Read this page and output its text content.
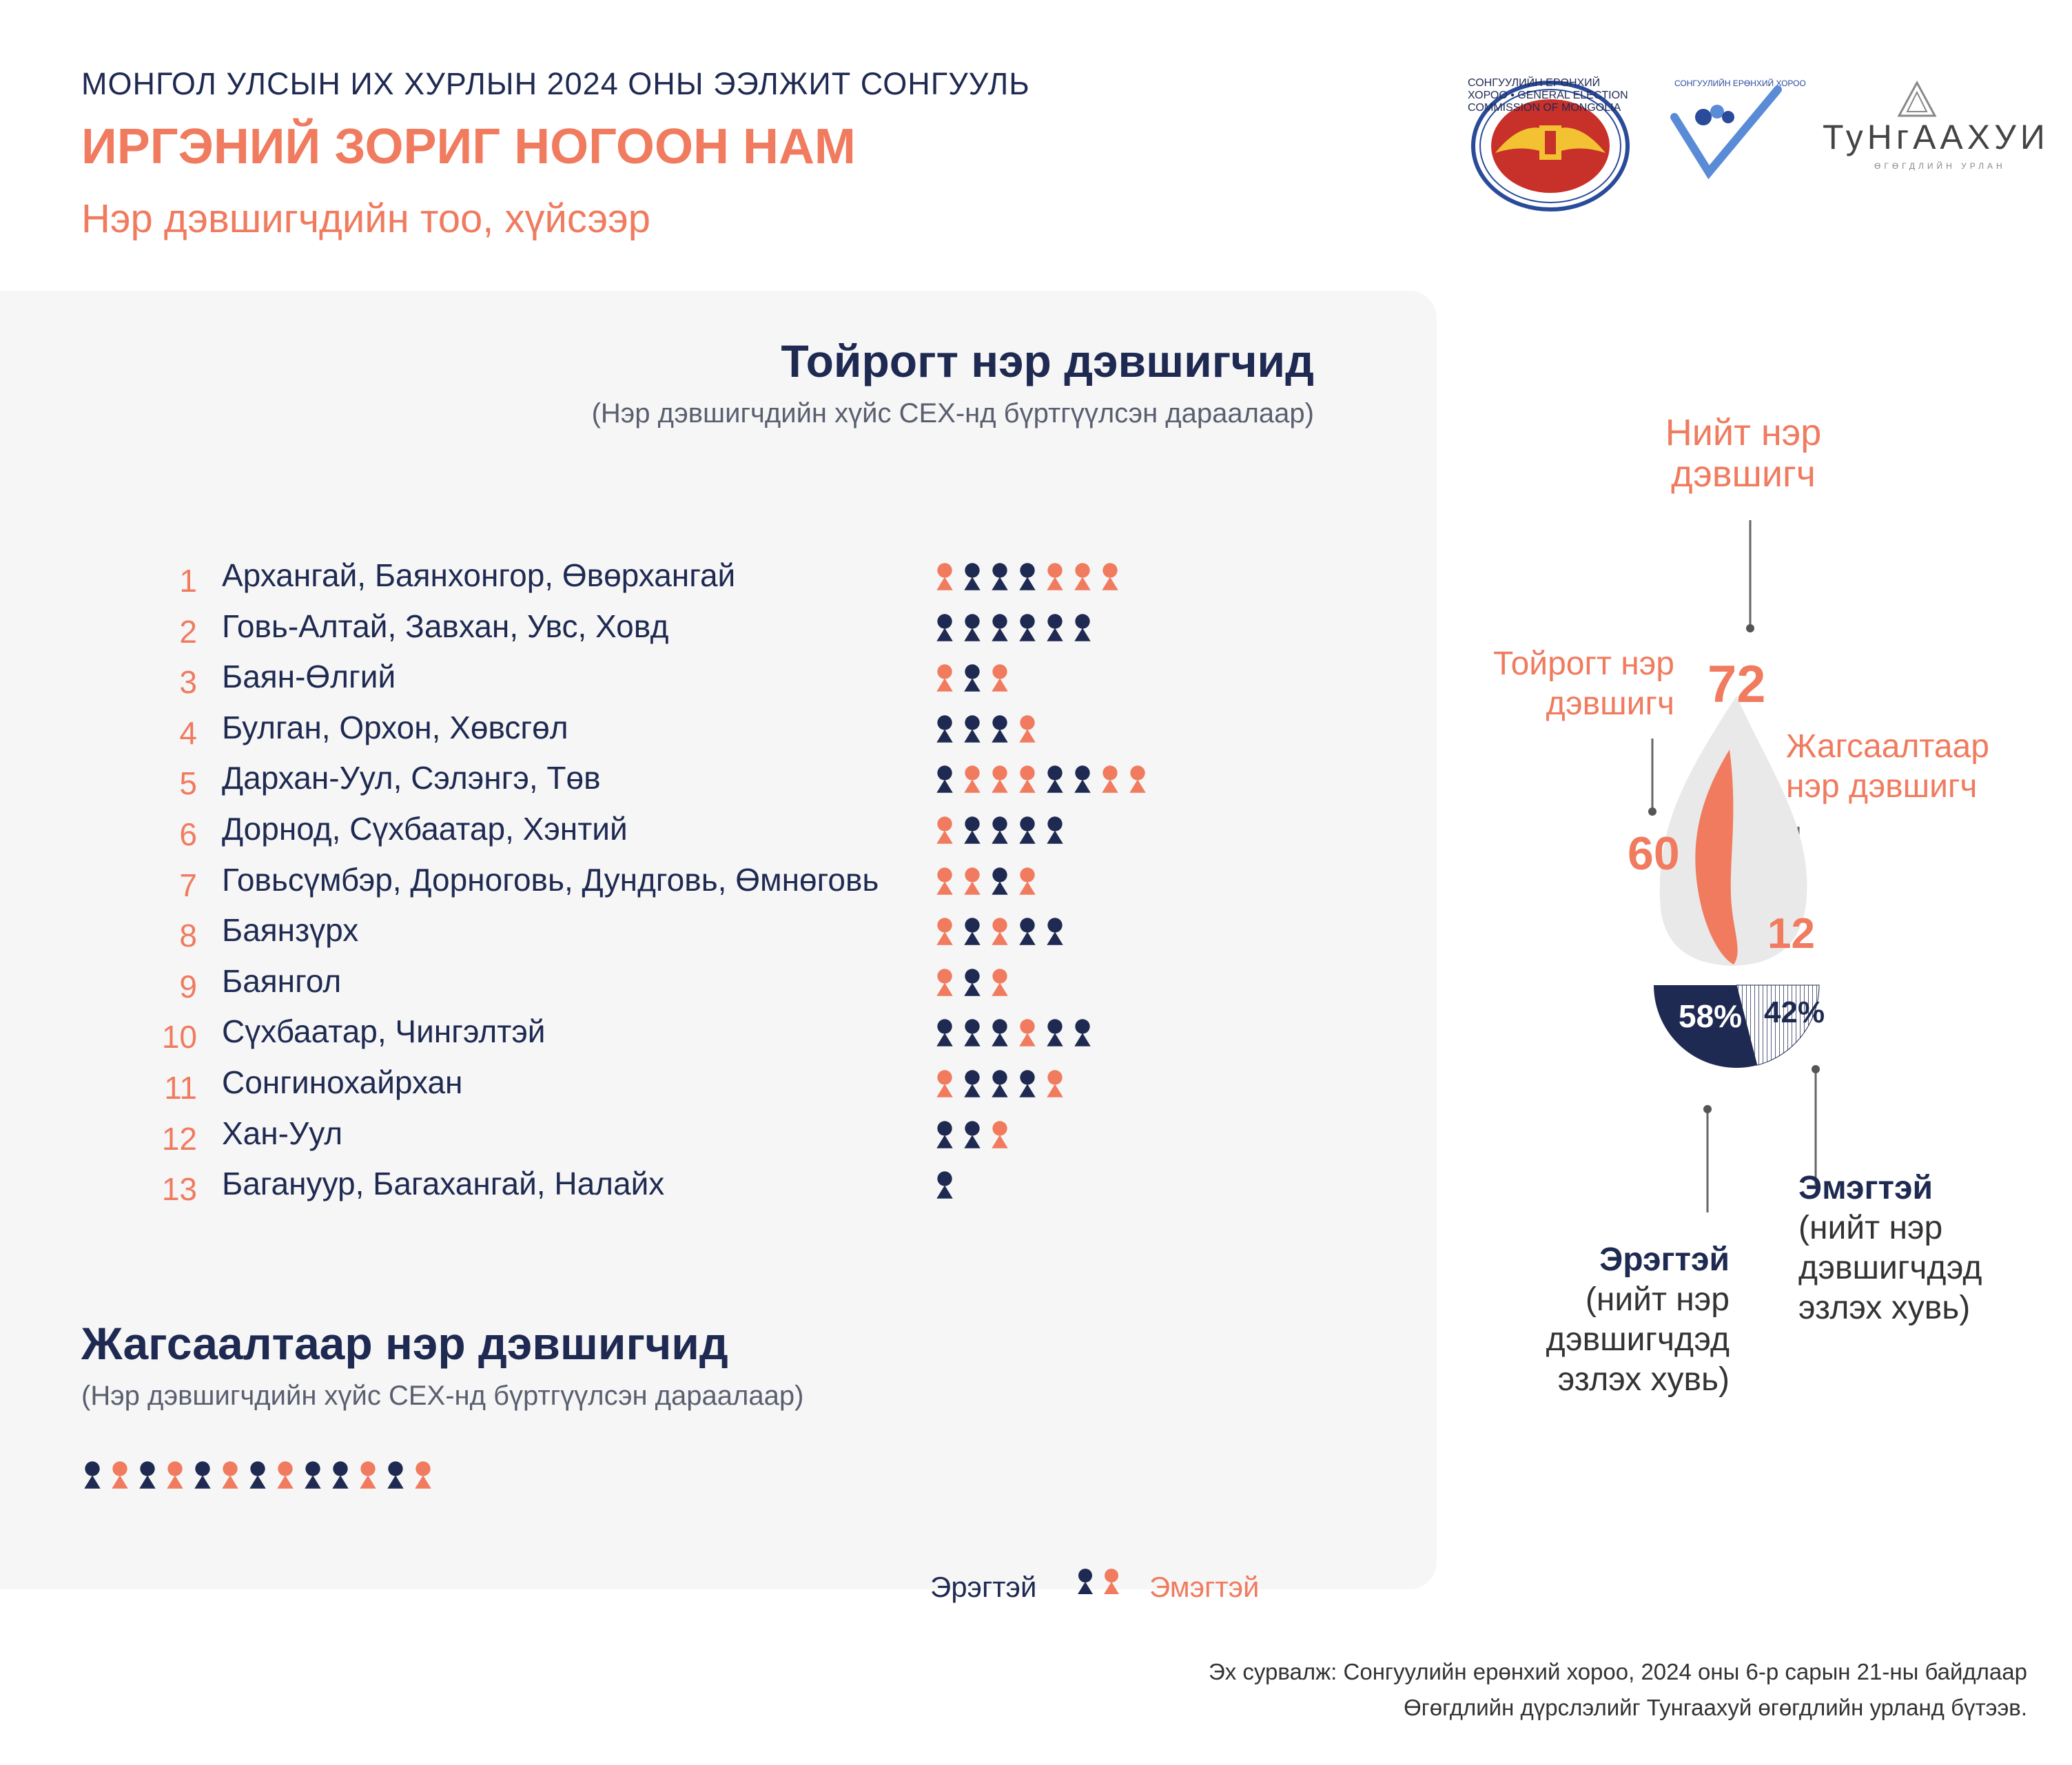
МОНГОЛ УЛСЫН ИХ ХУРЛЫН 2024 ОНЫ ЭЭЛЖИТ СОНГУУЛЬ
ИРГЭНИЙ ЗОРИГ НОГООН НАМ
Нэр дэвшигчдийн тоо, хүйсээр
СОНГУУЛИЙН ЕРӨНХИЙ ХОРОО • GENERAL ELECTION COMMISSION OF MONGOLIA
СОНГУУЛИЙН ЕРӨНХИЙ ХОРОО
ТуНгААХУИ
ӨГӨГДЛИЙН УРЛАН
Тойрогт нэр дэвшигчид
(Нэр дэвшигчдийн хүйс СЕХ-нд бүртгүүлсэн дараалаар)
1 Архангай, Баянхонгор, Өвөрхангай
2 Говь-Алтай, Завхан, Увс, Ховд
3 Баян-Өлгий
4 Булган, Орхон, Хөвсгөл
5 Дархан-Уул, Сэлэнгэ, Төв
6 Дорнод, Сүхбаатар, Хэнтий
7 Говьсүмбэр, Дорноговь, Дундговь, Өмнөговь
8 Баянзүрх
9 Баянгол
10 Сүхбаатар, Чингэлтэй
11 Сонгинохайрхан
12 Хан-Уул
13 Багануур, Багахангай, Налайх
Жагсаалтаар нэр дэвшигчид
(Нэр дэвшигчдийн хүйс СЕХ-нд бүртгүүлсэн дараалаар)
Эрэгтэй	Эмэгтэй
Нийт нэр
дэвшигч
72
Тойрогт нэр
дэвшигч
60
Жагсаалтаар
нэр дэвшигч
12
58% 42%
Эрэгтэй
(нийт нэр
дэвшигчдэд
эзлэх хувь)
Эмэгтэй
(нийт нэр
дэвшигчдэд
эзлэх хувь)
Эх сурвалж: Сонгуулийн ерөнхий хороо, 2024 оны 6-р сарын 21-ны байдлаар
Өгөгдлийн дүрслэлийг Тунгаахуй өгөгдлийн урланд бүтээв.
